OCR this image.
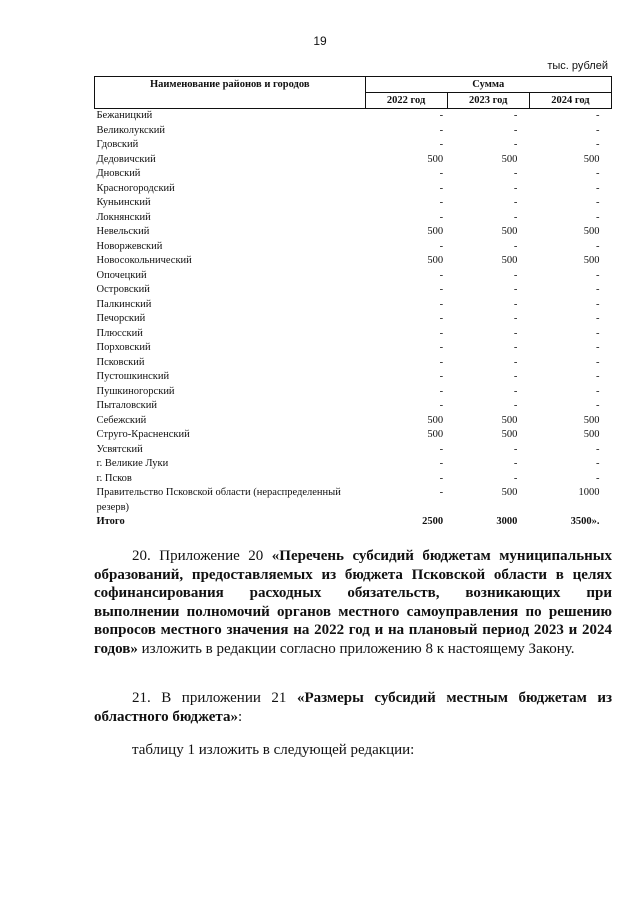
19
тыс. рублей
Наименование районов и городов	Сумма		
	2022 год	2023 год	2024 год
Бежаницкий	-	-	-
Великолукский	-	-	-
Гдовский	-	-	-
Дедовичский	500	500	500
Дновский	-	-	-
Красногородский	-	-	-
Куньинский	-	-	-
Локнянский	-	-	-
Невельский	500	500	500
Новоржевский	-	-	-
Новосокольнический	500	500	500
Опочецкий	-	-	-
Островский	-	-	-
Палкинский	-	-	-
Печорский	-	-	-
Плюсский	-	-	-
Порховский	-	-	-
Псковский	-	-	-
Пустошкинский	-	-	-
Пушкиногорский	-	-	-
Пыталовский	-	-	-
Себежский	500	500	500
Струго-Красненский	500	500	500
Усвятский	-	-	-
г. Великие Луки	-	-	-
г. Псков	-	-	-
Правительство Псковской области (нераспределенный резерв)	-	500	1000
Итого	2500	3000	3500».

20. Приложение 20 «Перечень субсидий бюджетам муниципальных образований, предоставляемых из бюджета Псковской области в целях софинансирования расходных обязательств, возникающих при выполнении полномочий органов местного самоуправления по решению вопросов местного значения на 2022 год и на плановый период 2023 и 2024 годов» изложить в редакции согласно приложению 8 к настоящему Закону.

21. В приложении 21 «Размеры субсидий местным бюджетам из областного бюджета»:

таблицу 1 изложить в следующей редакции:
